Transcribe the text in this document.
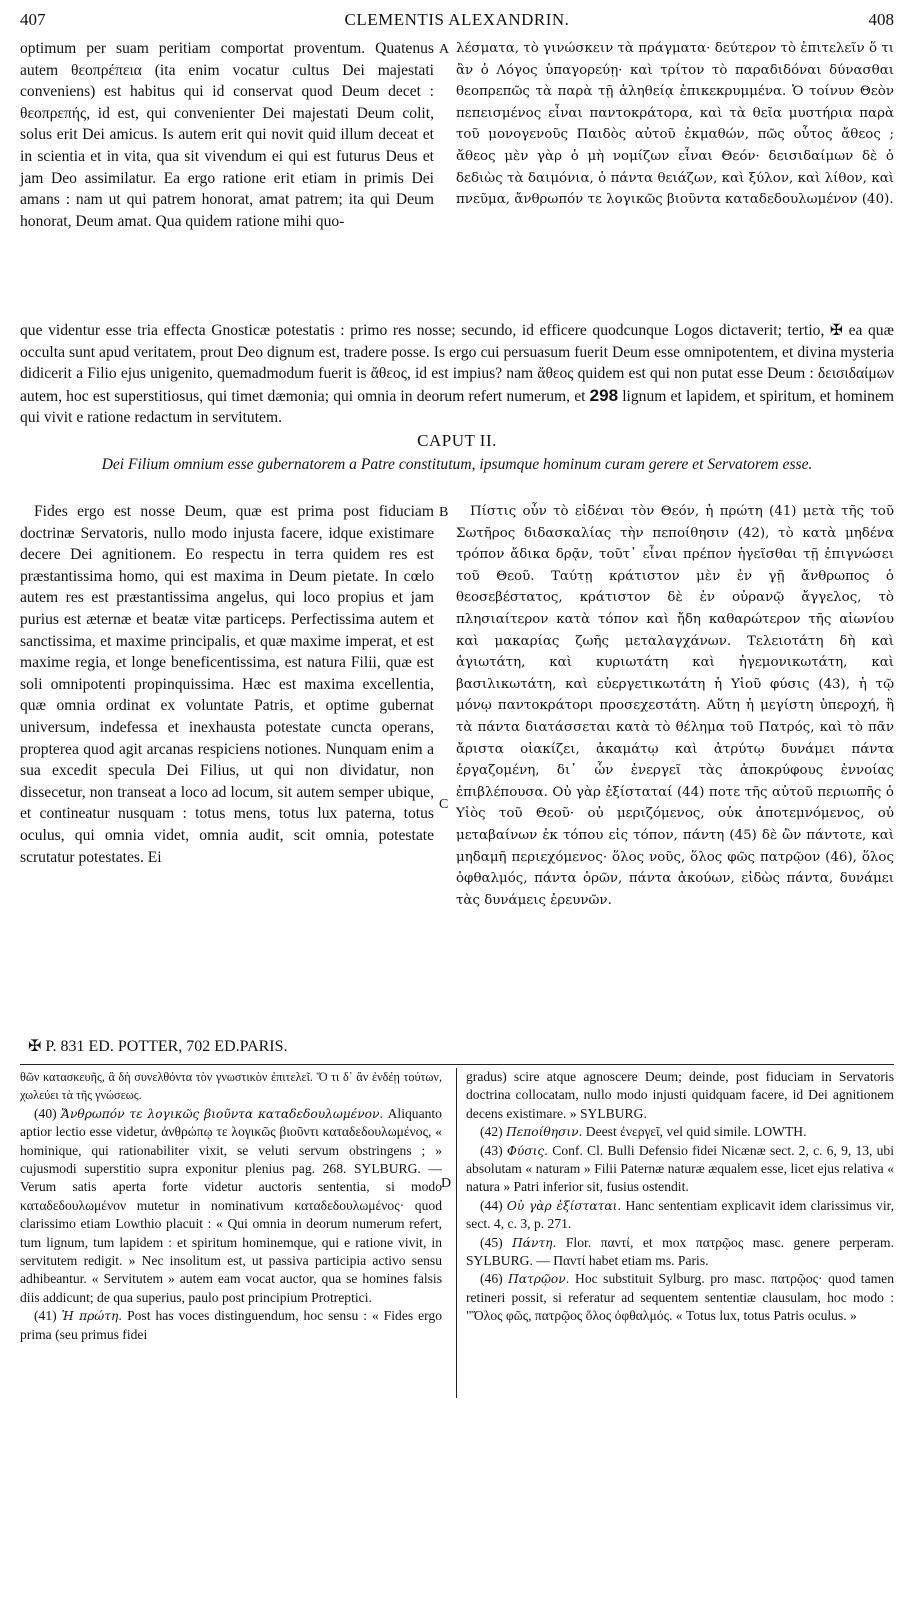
407	CLEMENTIS ALEXANDRIN.	408

optimum per suam peritiam comportat proventum. Quatenus autem θεοπρέπεια (ita enim vocatur cultus Dei majestati conveniens) est habitus qui id conservat quod Deum decet : θεοπρεπής, id est, qui convenienter Dei majestati Deum colit, solus erit Dei amicus. Is autem erit qui novit quid illum deceat et in scientia et in vita, qua sit vivendum ei qui est futurus Deus et jam Deo assimilatur. Ea ergo ratione erit etiam in primis Dei amans : nam ut qui patrem honorat, amat patrem; ita qui Deum honorat, Deum amat. Qua quidem ratione mihi quo-

A λέσματα, τὸ γινώσκειν τὰ πράγματα· δεύτερον τὸ ἐπιτελεῖν ὅ τι ἂν ὁ Λόγος ὑπαγορεύῃ· καὶ τρίτον τὸ παραδιδόναι δύνασθαι θεοπρεπῶς τὰ παρὰ τῇ ἀληθείᾳ ἐπικεκρυμμένα. Ὁ τοίνυν Θεὸν πεπεισμένος εἶναι παντοκράτορα, καὶ τὰ θεῖα μυστήρια παρὰ τοῦ μονογενοῦς Παιδὸς αὐτοῦ ἐκμαθών, πῶς οὗτος ἄθεος ; ἄθεος μὲν γὰρ ὁ μὴ νομίζων εἶναι Θεόν· δεισιδαίμων δὲ ὁ δεδιὼς τὰ δαιμόνια, ὁ πάντα θειάζων, καὶ ξύλον, καὶ λίθον, καὶ πνεῦμα, ἄνθρωπόν τε λογικῶς βιοῦντα καταδεδουλωμένον (40).

que videntur esse tria effecta Gnosticæ potestatis : primo res nosse; secundo, id efficere quodcunque Logos dictaverit; tertio, ✠ ea quæ occulta sunt apud veritatem, prout Deo dignum est, tradere posse. Is ergo cui persuasum fuerit Deum esse omnipotentem, et divina mysteria didicerit a Filio ejus unigenito, quemadmodum fuerit is ἄθεος, id est impius? nam ἄθεος quidem est qui non putat esse Deum : δεισιδαίμων autem, hoc est superstitiosus, qui timet dæmonia; qui omnia in deorum refert numerum, et 298 lignum et lapidem, et spiritum, et hominem qui vivit e ratione redactum in servitutem.

CAPUT II.
Dei Filium omnium esse gubernatorem a Patre constitutum, ipsumque hominum curam gerere et Servatorem esse.

Fides ergo est nosse Deum, quæ est prima post fiduciam doctrinæ Servatoris, nullo modo injusta facere, idque existimare decere Dei agnitionem. Eo respectu in terra quidem res est præstantissima homo, qui est maxima in Deum pietate. In cœlo autem res est præstantissima angelus, qui loco propius et jam purius est æternæ et beatæ vitæ particeps. Perfectissima autem et sanctissima, et maxime principalis, et quæ maxime imperat, et est maxime regia, et longe beneficentissima, est natura Filii, quæ est soli omnipotenti propinquissima. Hæc est maxima excellentia, quæ omnia ordinat ex voluntate Patris, et optime gubernat universum, indefessa et inexhausta potestate cuncta operans, propterea quod agit arcanas respiciens notiones. Nunquam enim a sua excedit specula Dei Filius, ut qui non dividatur, non dissecetur, non transeat a loco ad locum, sit autem semper ubique, et contineatur nusquam : totus mens, totus lux paterna, totus oculus, qui omnia videt, omnia audit, scit omnia, potestate scrutatur potestates. Ei

B
C

Πίστις οὖν τὸ εἰδέναι τὸν Θεόν, ἡ πρώτη (41) μετὰ τῆς τοῦ Σωτῆρος διδασκαλίας τὴν πεποίθησιν (42), τὸ κατὰ μηδένα τρόπον ἄδικα δρᾷν, τοῦτ᾽ εἶναι πρέπον ἡγεῖσθαι τῇ ἐπιγνώσει τοῦ Θεοῦ. Ταύτῃ κράτιστον μὲν ἐν γῇ ἄνθρωπος ὁ θεοσεβέστατος, κράτιστον δὲ ἐν οὐρανῷ ἄγγελος, τὸ πλησιαίτερον κατὰ τόπον καὶ ἤδη καθαρώτερον τῆς αἰωνίου καὶ μακαρίας ζωῆς μεταλαγχάνων. Τελειοτάτη δὴ καὶ ἁγιωτάτη, καὶ κυριωτάτη καὶ ἡγεμονικωτάτη, καὶ βασιλικωτάτη, καὶ εὐεργετικωτάτη ἡ Υἱοῦ φύσις (43), ἡ τῷ μόνῳ παντοκράτορι προσεχεστάτη. Αὕτη ἡ μεγίστη ὑπεροχή, ἣ τὰ πάντα διατάσσεται κατὰ τὸ θέλημα τοῦ Πατρός, καὶ τὸ πᾶν ἄριστα οἰακίζει, ἀκαμάτῳ καὶ ἀτρύτῳ δυνάμει πάντα ἐργαζομένη, δι᾽ ὧν ἐνεργεῖ τὰς ἀποκρύφους ἐννοίας ἐπιβλέπουσα. Οὐ γὰρ ἐξίσταταί (44) ποτε τῆς αὐτοῦ περιωπῆς ὁ Υἱὸς τοῦ Θεοῦ· οὐ μεριζόμενος, οὐκ ἀποτεμνόμενος, οὐ μεταβαίνων ἐκ τόπου εἰς τόπον, πάντη (45) δὲ ὢν πάντοτε, καὶ μηδαμῆ περιεχόμενος· ὅλος νοῦς, ὅλος φῶς πατρῷον (46), ὅλος ὀφθαλμός, πάντα ὁρῶν, πάντα ἀκούων, εἰδὼς πάντα, δυνάμει τὰς δυνάμεις ἐρευνῶν.

✠ P. 831 ED. POTTER, 702 ED.PARIS.
D

θῶν κατασκευῆς, ἃ δὴ συνελθόντα τὸν γνωστικὸν ἐπιτελεῖ. Ὅ τι δ᾽ ἂν ἐνδέῃ τούτων, χωλεύει τὰ τῆς γνώσεως.

(40) Ἄνθρωπόν τε λογικῶς βιοῦντα καταδεδουλωμένον. Aliquanto aptior lectio esse videtur, ἀνθρώπῳ τε λογικῶς βιοῦντι καταδεδουλωμένος, « hominique, qui rationabiliter vixit, se veluti servum obstringens ; » cujusmodi superstitio supra exponitur plenius pag. 268. SYLBURG. — Verum satis aperta forte videtur auctoris sententia, si modo καταδεδουλωμένον mutetur in nominativum καταδεδουλωμένος· quod clarissimo etiam Lowthio placuit : « Qui omnia in deorum numerum refert, tum lignum, tum lapidem : et spiritum hominemque, qui e ratione vivit, in servitutem redigit. » Nec insolitum est, ut passiva participia activo sensu adhibeantur. « Servitutem » autem eam vocat auctor, qua se homines falsis diis addicunt; de qua superius, paulo post principium Protreptici.

(41) Ἡ πρώτη. Post has voces distinguendum, hoc sensu : « Fides ergo prima (seu primus fidei

gradus) scire atque agnoscere Deum; deinde, post fiduciam in Servatoris doctrina collocatam, nullo modo injusti quidquam facere, id Dei agnitionem decens existimare. » SYLBURG.

(42) Πεποίθησιν. Deest ἐνεργεῖ, vel quid simile. LOWTH.

(43) Φύσις. Conf. Cl. Bulli Defensio fidei Nicænæ sect. 2, c. 6, 9, 13, ubi absolutam « naturam » Filii Paternæ naturæ æqualem esse, licet ejus relativa « natura » Patri inferior sit, fusius ostendit.

(44) Οὐ γὰρ ἐξίσταται. Hanc sententiam explicavit idem clarissimus vir, sect. 4, c. 3, p. 271.

(45) Πάντη. Flor. παντί, et mox πατρῷος masc. genere perperam. SYLBURG. — Παντί habet etiam ms. Paris.

(46) Πατρῷον. Hoc substituit Sylburg. pro masc. πατρῷος· quod tamen retineri possit, si referatur ad sequentem sententiæ clausulam, hoc modo : "Ὅλος φῶς, πατρῷος ὅλος ὀφθαλμός. « Totus lux, totus Patris oculus. »
